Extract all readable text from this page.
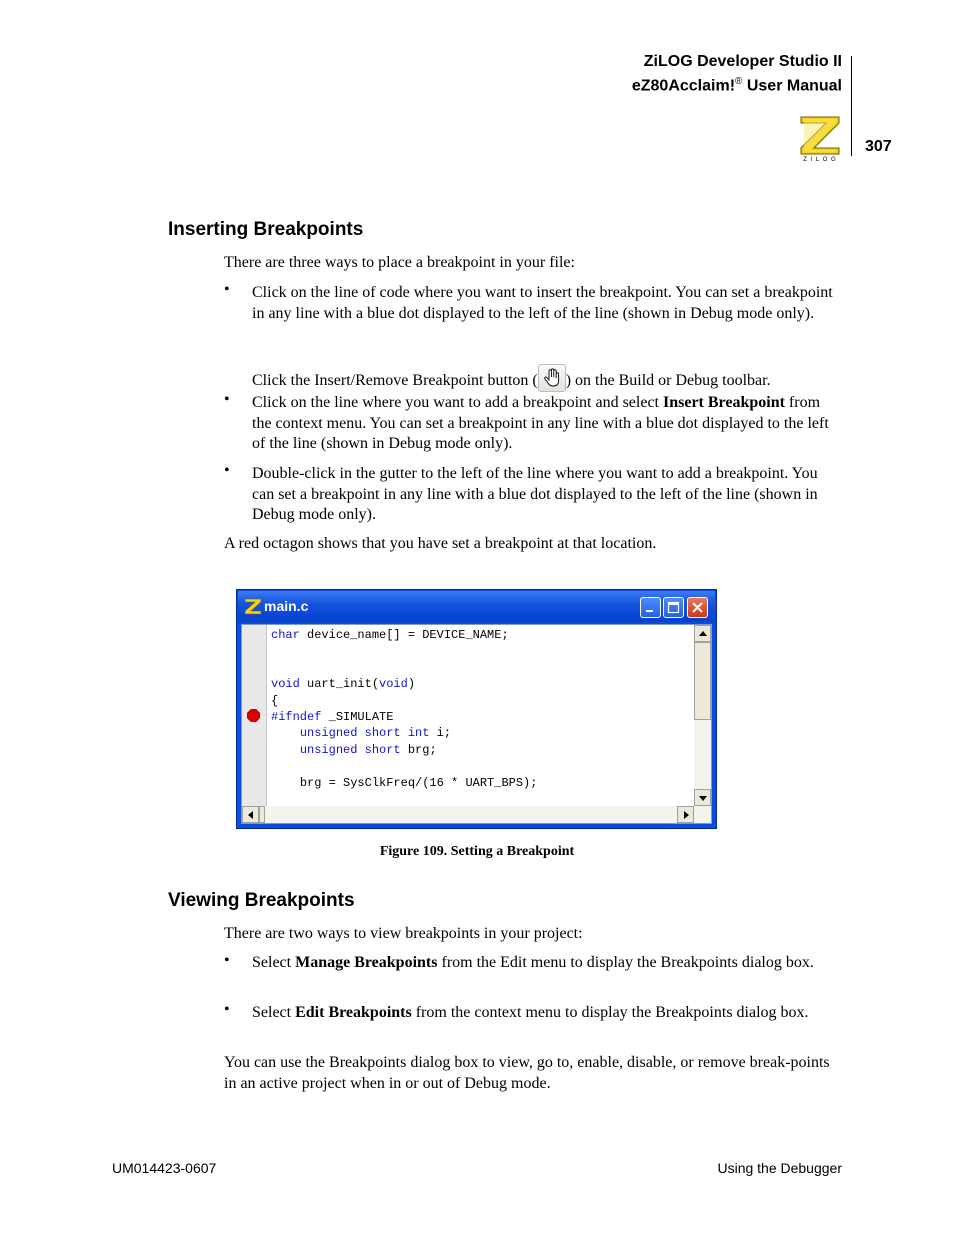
ZiLOG Developer Studio II
eZ80Acclaim!® User Manual
Z I L O G
307
Inserting Breakpoints

There are three ways to place a breakpoint in your file:

• Click on the line of code where you want to insert the breakpoint. You can set a breakpoint in any line with a blue dot displayed to the left of the line (shown in Debug mode only).

Click the Insert/Remove Breakpoint button ( ) on the Build or Debug toolbar.

• Click on the line where you want to add a breakpoint and select Insert Breakpoint from the context menu. You can set a breakpoint in any line with a blue dot displayed to the left of the line (shown in Debug mode only).

• Double-click in the gutter to the left of the line where you want to add a breakpoint. You can set a breakpoint in any line with a blue dot displayed to the left of the line (shown in Debug mode only).

A red octagon shows that you have set a breakpoint at that location.

main.c
char device_name[] = DEVICE_NAME;

void uart_init(void)
{
#ifndef _SIMULATE
unsigned short int i;
unsigned short brg;

brg = SysClkFreq/(16 * UART_BPS);
Figure 109. Setting a Breakpoint
Viewing Breakpoints

There are two ways to view breakpoints in your project:

• Select Manage Breakpoints from the Edit menu to display the Breakpoints dialog box.

• Select Edit Breakpoints from the context menu to display the Breakpoints dialog box.

You can use the Breakpoints dialog box to view, go to, enable, disable, or remove break-points in an active project when in or out of Debug mode.

UM014423-0607	Using the Debugger
